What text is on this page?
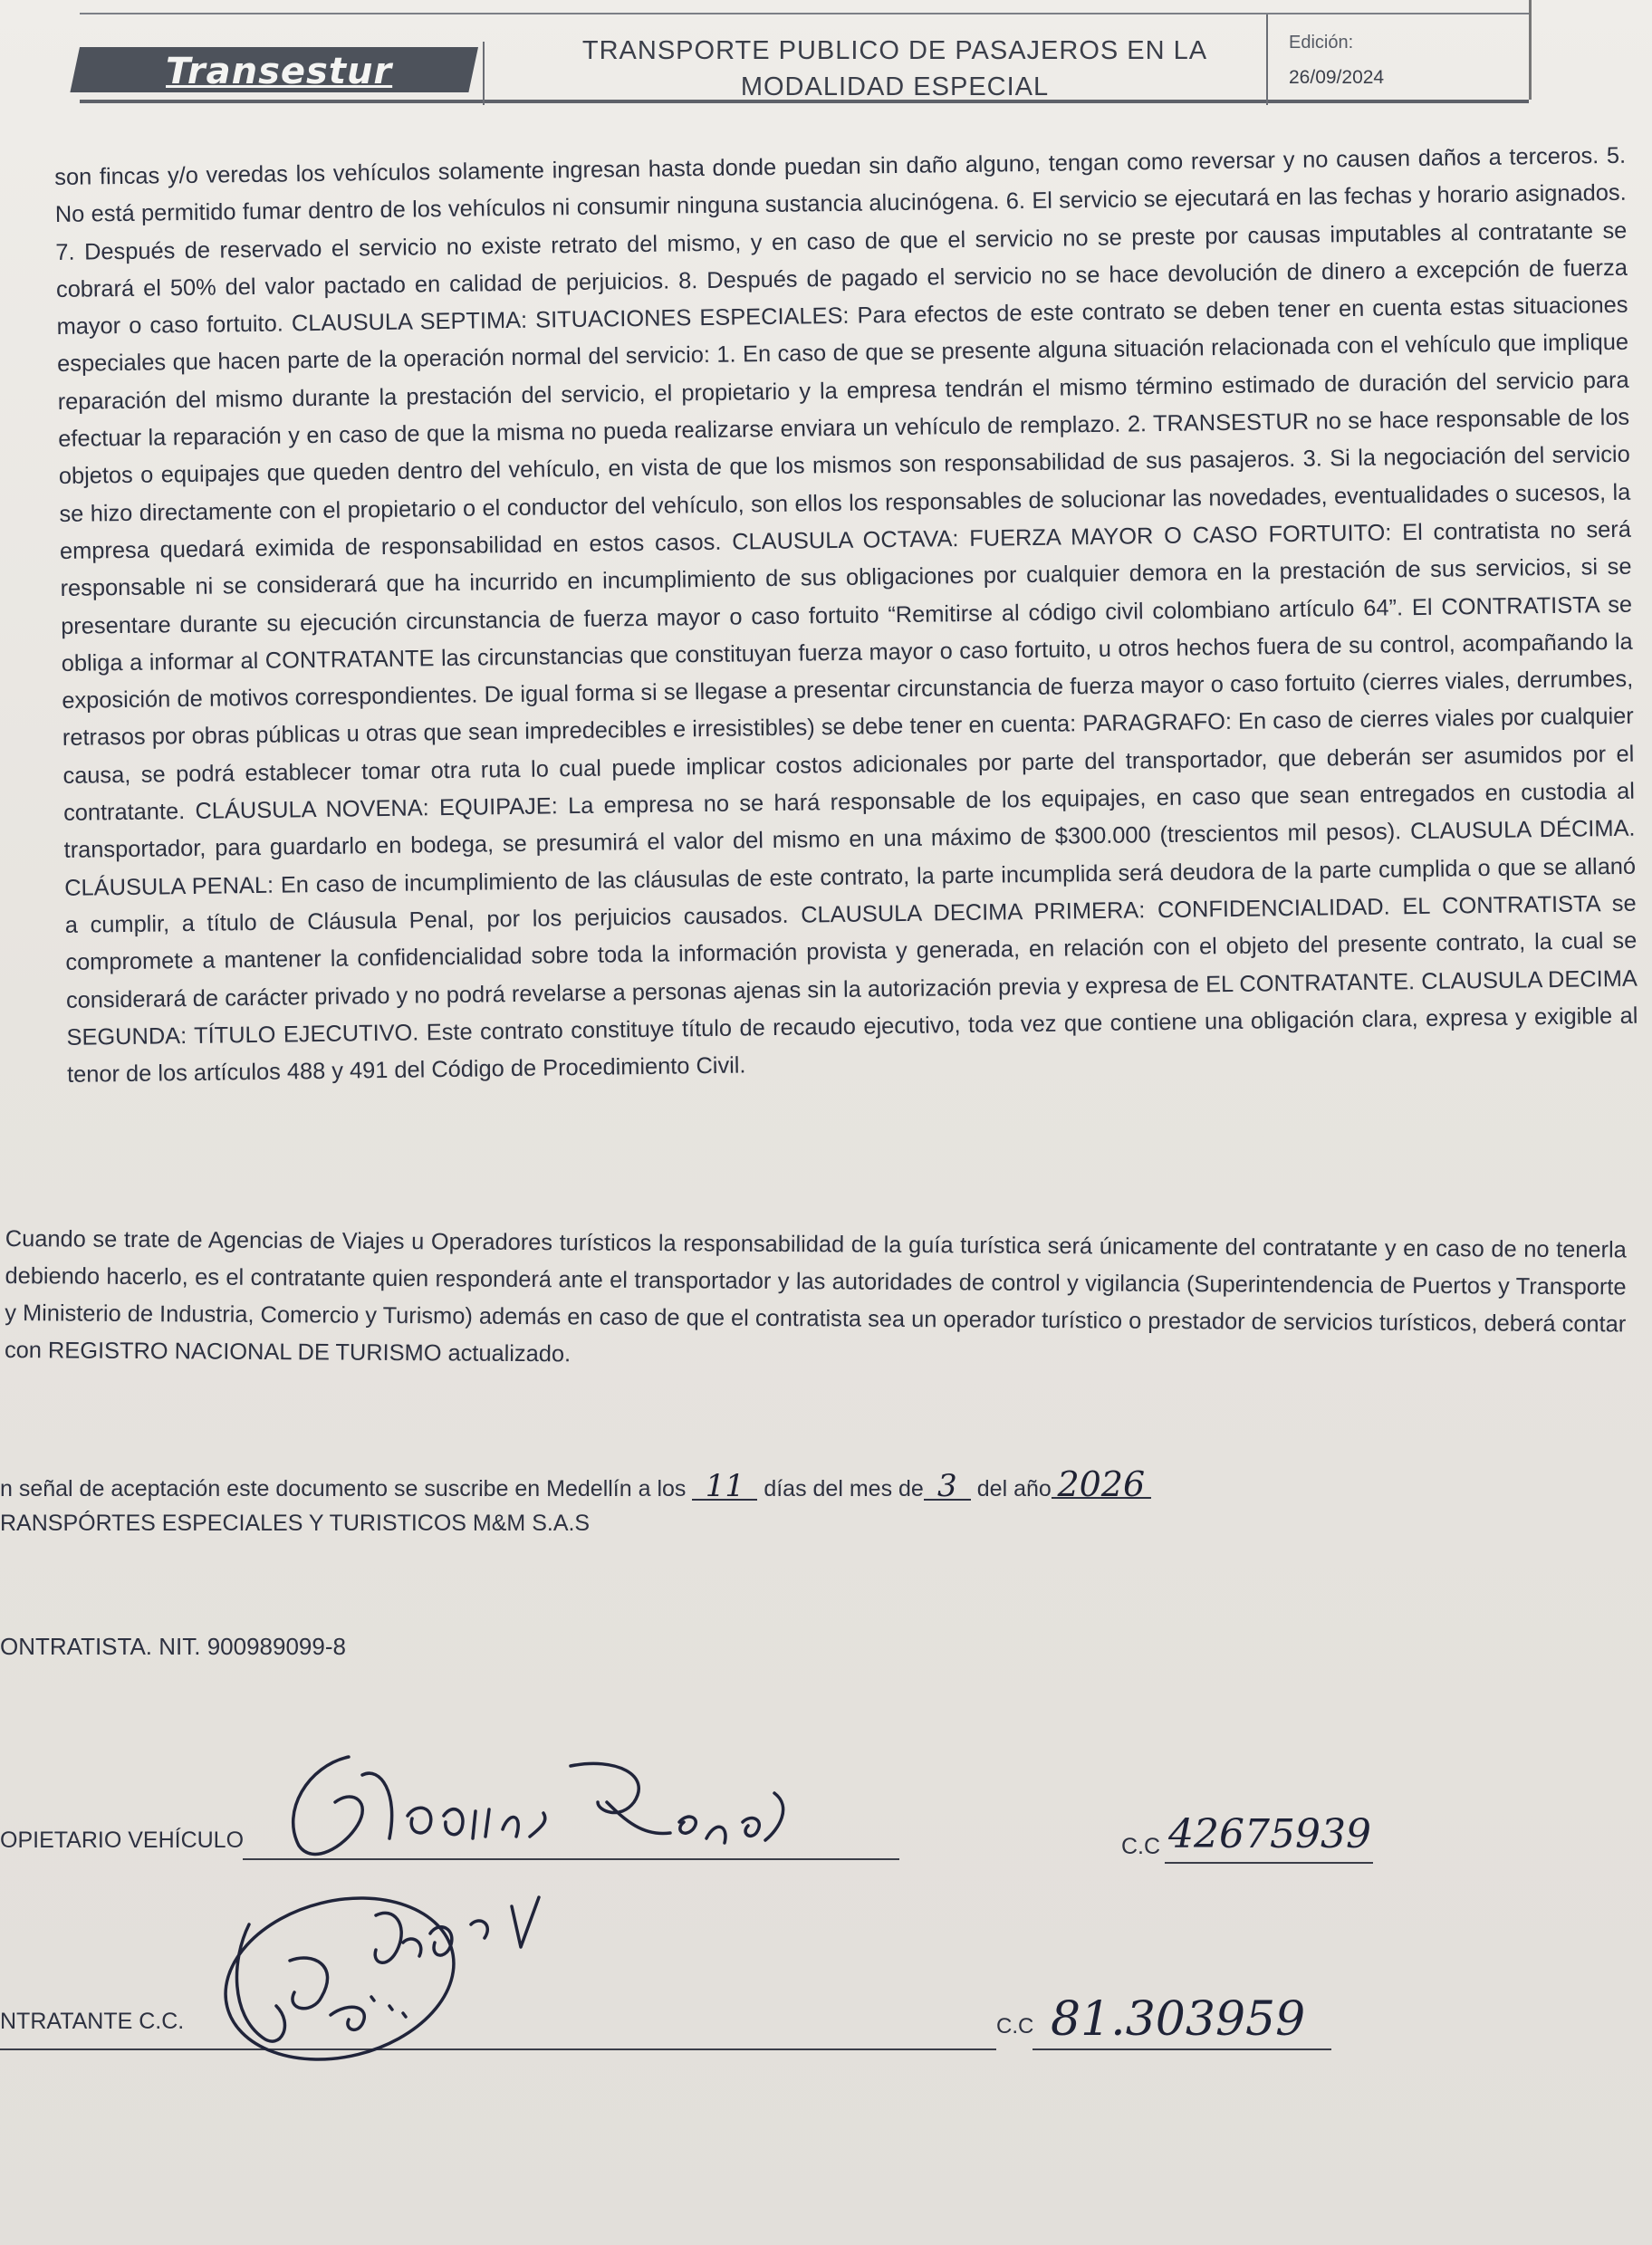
Transestur	TRANSPORTE PUBLICO DE PASAJEROS EN LA
MODALIDAD ESPECIAL
Edición:
26/09/2024

son fincas y/o veredas los vehículos solamente ingresan hasta donde puedan sin daño alguno, tengan como reversar y no causen daños a terceros. 5. No está permitido fumar dentro de los vehículos ni consumir ninguna sustancia alucinógena. 6. El servicio se ejecutará en las fechas y horario asignados. 7. Después de reservado el servicio no existe retrato del mismo, y en caso de que el servicio no se preste por causas imputables al contratante se cobrará el 50% del valor pactado en calidad de perjuicios. 8. Después de pagado el servicio no se hace devolución de dinero a excepción de fuerza mayor o caso fortuito. CLAUSULA SEPTIMA: SITUACIONES ESPECIALES: Para efectos de este contrato se deben tener en cuenta estas situaciones especiales que hacen parte de la operación normal del servicio: 1. En caso de que se presente alguna situación relacionada con el vehículo que implique reparación del mismo durante la prestación del servicio, el propietario y la empresa tendrán el mismo término estimado de duración del servicio para efectuar la reparación y en caso de que la misma no pueda realizarse enviara un vehículo de remplazo. 2. TRANSESTUR no se hace responsable de los objetos o equipajes que queden dentro del vehículo, en vista de que los mismos son responsabilidad de sus pasajeros. 3. Si la negociación del servicio se hizo directamente con el propietario o el conductor del vehículo, son ellos los responsables de solucionar las novedades, eventualidades o sucesos, la empresa quedará eximida de responsabilidad en estos casos. CLAUSULA OCTAVA: FUERZA MAYOR O CASO FORTUITO: El contratista no será responsable ni se considerará que ha incurrido en incumplimiento de sus obligaciones por cualquier demora en la prestación de sus servicios, si se presentare durante su ejecución circunstancia de fuerza mayor o caso fortuito “Remitirse al código civil colombiano artículo 64”. El CONTRATISTA se obliga a informar al CONTRATANTE las circunstancias que constituyan fuerza mayor o caso fortuito, u otros hechos fuera de su control, acompañando la exposición de motivos correspondientes. De igual forma si se llegase a presentar circunstancia de fuerza mayor o caso fortuito (cierres viales, derrumbes, retrasos por obras públicas u otras que sean impredecibles e irresistibles) se debe tener en cuenta: PARAGRAFO: En caso de cierres viales por cualquier causa, se podrá establecer tomar otra ruta lo cual puede implicar costos adicionales por parte del transportador, que deberán ser asumidos por el contratante. CLÁUSULA NOVENA: EQUIPAJE: La empresa no se hará responsable de los equipajes, en caso que sean entregados en custodia al transportador, para guardarlo en bodega, se presumirá el valor del mismo en una máximo de $300.000 (trescientos mil pesos). CLAUSULA DÉCIMA. CLÁUSULA PENAL: En caso de incumplimiento de las cláusulas de este contrato, la parte incumplida será deudora de la parte cumplida o que se allanó a cumplir, a título de Cláusula Penal, por los perjuicios causados. CLAUSULA DECIMA PRIMERA: CONFIDENCIALIDAD. EL CONTRATISTA se compromete a mantener la confidencialidad sobre toda la información provista y generada, en relación con el objeto del presente contrato, la cual se considerará de carácter privado y no podrá revelarse a personas ajenas sin la autorización previa y expresa de EL CONTRATANTE. CLAUSULA DECIMA SEGUNDA: TÍTULO EJECUTIVO. Este contrato constituye título de recaudo ejecutivo, toda vez que contiene una obligación clara, expresa y exigible al tenor de los artículos 488 y 491 del Código de Procedimiento Civil.

Cuando se trate de Agencias de Viajes u Operadores turísticos la responsabilidad de la guía turística será únicamente del contratante y en caso de no tenerla debiendo hacerlo, es el contratante quien responderá ante el transportador y las autoridades de control y vigilancia (Superintendencia de Puertos y Transporte y Ministerio de Industria, Comercio y Turismo) además en caso de que el contratista sea un operador turístico o prestador de servicios turísticos, deberá contar con REGISTRO NACIONAL DE TURISMO actualizado.

n señal de aceptación este documento se suscribe en Medellín a los 11 días del mes de 3 del año 2026
RANSPÓRTES ESPECIALES Y TURISTICOS M&M S.A.S
ONTRATISTA. NIT. 900989099-8
OPIETARIO VEHÍCULO	C.C 42675939
NTRATANTE C.C.	C.C 81.303959
